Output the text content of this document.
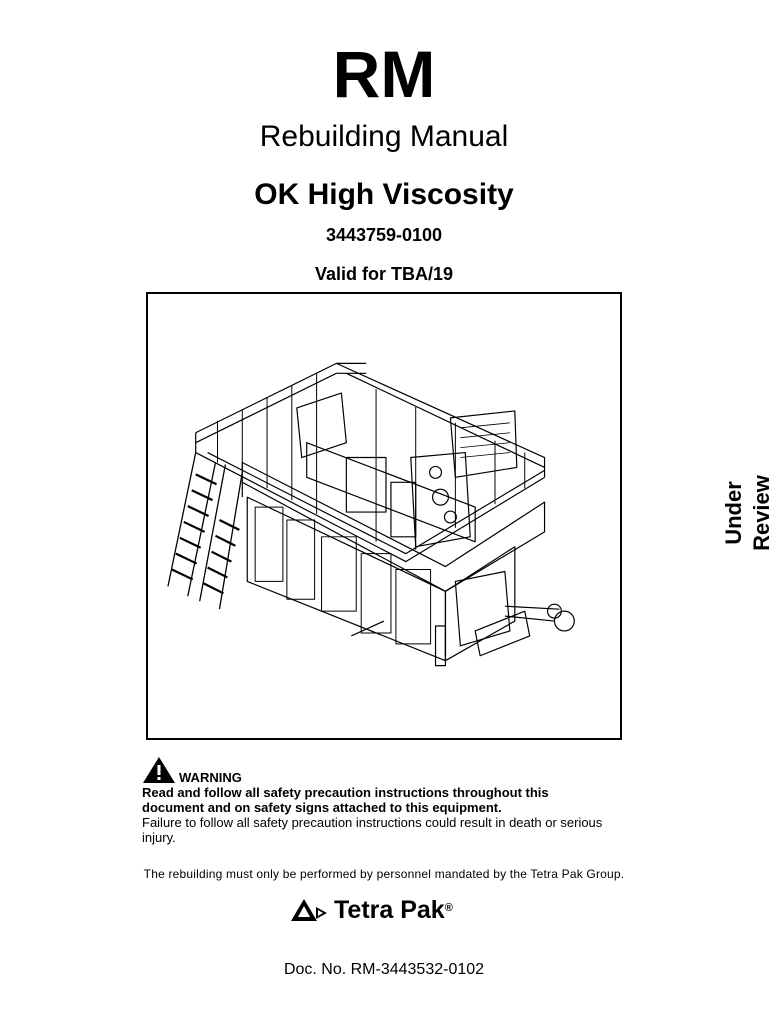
RM
Rebuilding Manual
OK High Viscosity
3443759-0100
Valid for TBA/19
Under Review
WARNING
Read and follow all safety precaution instructions throughout this document and on safety signs attached to this equipment.
Failure to follow all safety precaution instructions could result in death or serious injury.
The rebuilding must only be performed by personnel mandated by the Tetra Pak Group.
Tetra Pak ®
Doc. No. RM-3443532-0102
